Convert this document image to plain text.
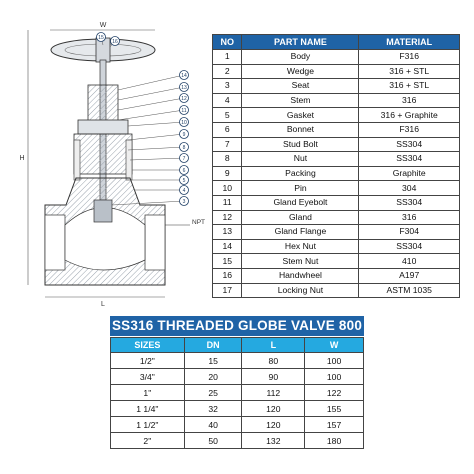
W
H
L
NPT
15
16
14
13
12
11
10
9
8
7
6
5
4
3
NO	PART NAME	MATERIAL
1	Body	F316
2	Wedge	316 + STL
3	Seat	316 + STL
4	Stem	316
5	Gasket	316 + Graphite
6	Bonnet	F316
7	Stud Bolt	SS304
8	Nut	SS304
9	Packing	Graphite
10	Pin	304
11	Gland Eyebolt	SS304
12	Gland	316
13	Gland Flange	F304
14	Hex Nut	SS304
15	Stem Nut	410
16	Handwheel	A197
17	Locking Nut	ASTM 1035
SS316 THREADED GLOBE VALVE 800
SIZES	DN	L	W
1/2"	15	80	100
3/4"	20	90	100
1"	25	112	122
1 1/4"	32	120	155
1 1/2"	40	120	157
2"	50	132	180
